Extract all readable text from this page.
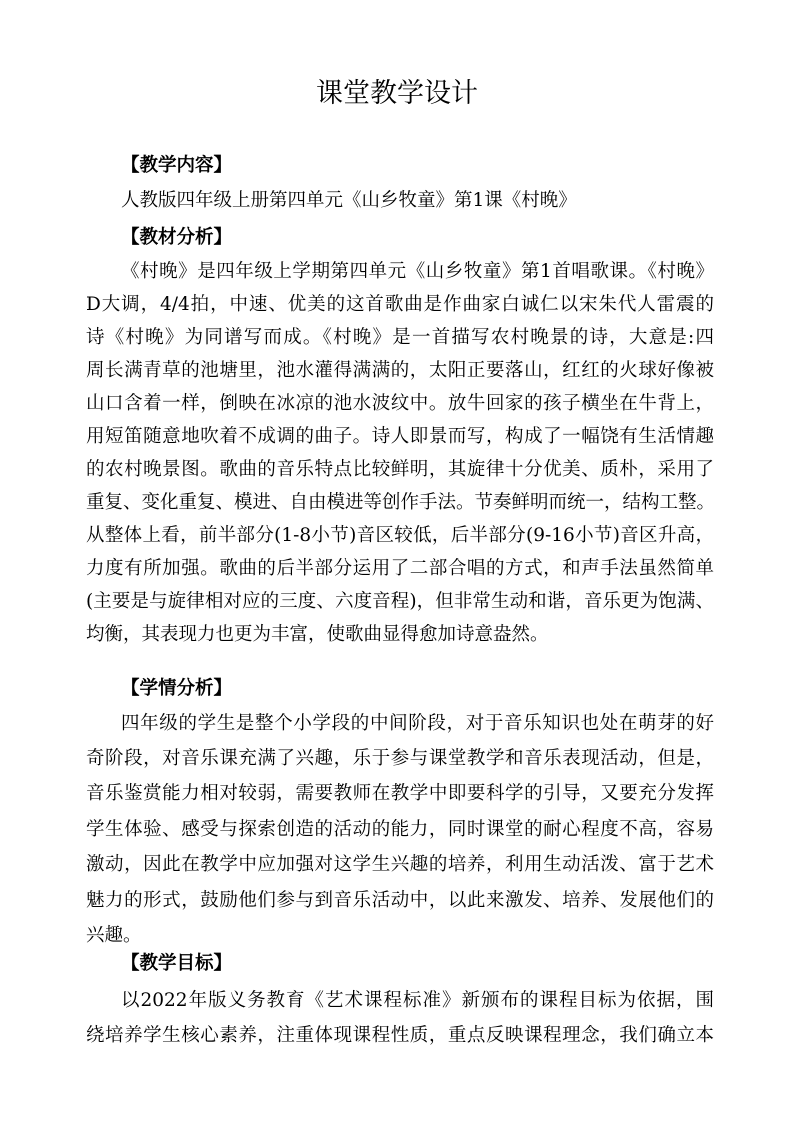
课堂教学设计
【教学内容】
人教版四年级上册第四单元《山乡牧童》第1课《村晚》
【教材分析】
《村晚》是四年级上学期第四单元《山乡牧童》第1首唱歌课。《村晚》
D大调，4/4拍，中速、优美的这首歌曲是作曲家白诚仁以宋朱代人雷震的
诗《村晚》为同谱写而成。《村晚》是一首描写农村晚景的诗，大意是:四
周长满青草的池塘里，池水灌得满满的，太阳正要落山，红红的火球好像被
山口含着一样，倒映在冰凉的池水波纹中。放牛回家的孩子横坐在牛背上，
用短笛随意地吹着不成调的曲子。诗人即景而写，构成了一幅饶有生活情趣
的农村晚景图。歌曲的音乐特点比较鲜明，其旋律十分优美、质朴，采用了
重复、变化重复、模进、自由模进等创作手法。节奏鲜明而统一，结构工整。
从整体上看，前半部分(1-8小节)音区较低，后半部分(9-16小节)音区升高，
力度有所加强。歌曲的后半部分运用了二部合唱的方式，和声手法虽然简单
(主要是与旋律相对应的三度、六度音程)，但非常生动和谐，音乐更为饱满、
均衡，其表现力也更为丰富，使歌曲显得愈加诗意盎然。
【学情分析】
四年级的学生是整个小学段的中间阶段，对于音乐知识也处在萌芽的好
奇阶段，对音乐课充满了兴趣，乐于参与课堂教学和音乐表现活动，但是，
音乐鉴赏能力相对较弱，需要教师在教学中即要科学的引导，又要充分发挥
学生体验、感受与探索创造的活动的能力，同时课堂的耐心程度不高，容易
激动，因此在教学中应加强对这学生兴趣的培养，利用生动活泼、富于艺术
魅力的形式，鼓励他们参与到音乐活动中，以此来激发、培养、发展他们的
兴趣。
【教学目标】
以2022年版义务教育《艺术课程标准》新颁布的课程目标为依据，围
绕培养学生核心素养，注重体现课程性质，重点反映课程理念，我们确立本
